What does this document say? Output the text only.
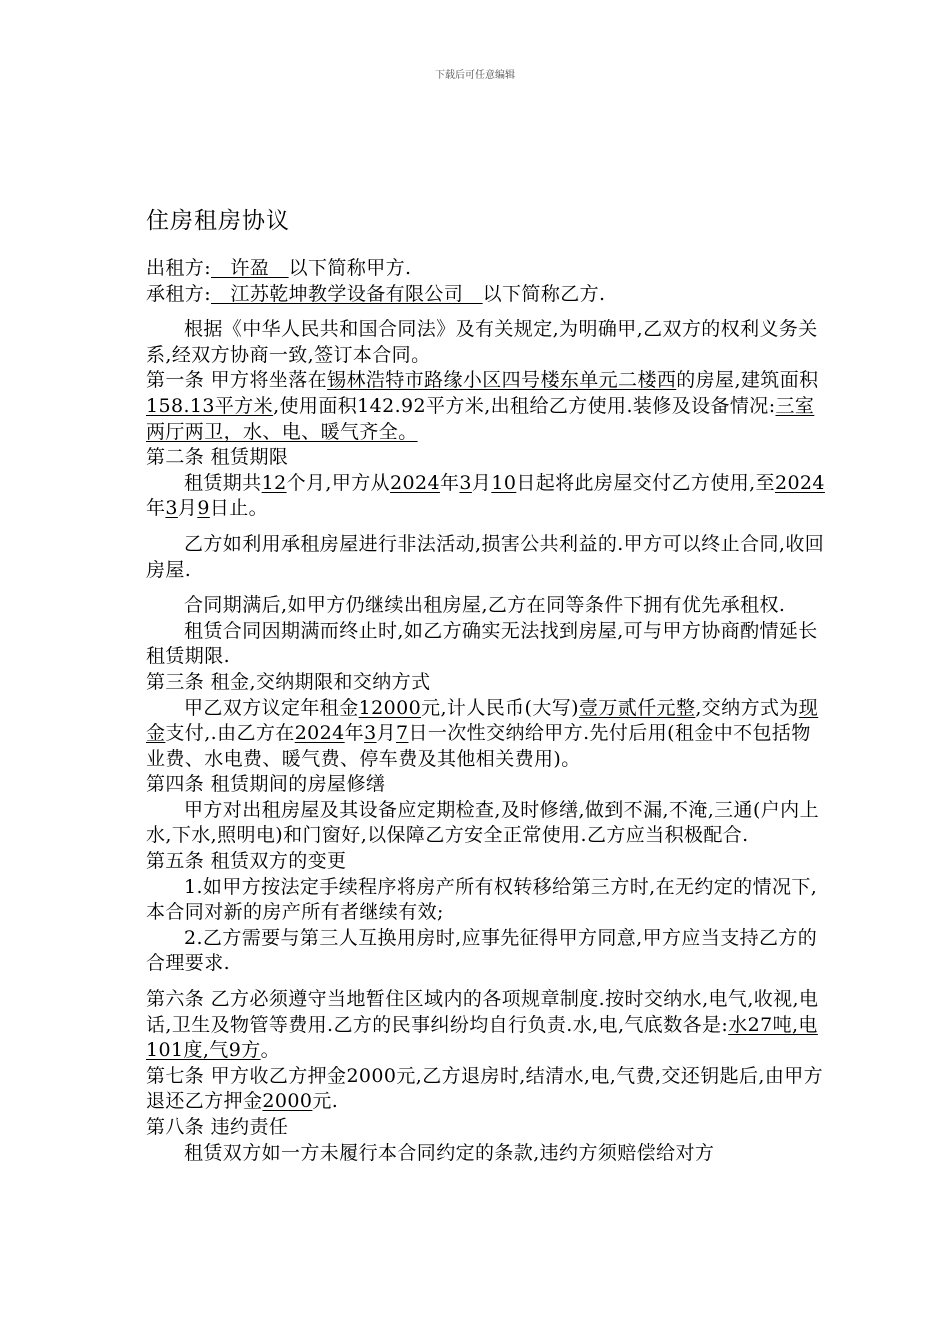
下载后可任意编辑
住房租房协议

出租方:　许盈　以下简称甲方.

承租方:　江苏乾坤教学设备有限公司　以下简称乙方.

根据《中华人民共和国合同法》及有关规定,为明确甲,乙双方的权利义务关系,经双方协商一致,签订本合同。

第一条 甲方将坐落在锡林浩特市路缘小区四号楼东单元二楼西的房屋,建筑面积158.13平方米,使用面积142.92平方米,出租给乙方使用.装修及设备情况:三室两厅两卫，水、电、暖气齐全。

第二条 租赁期限

租赁期共12个月,甲方从2024年3月10日起将此房屋交付乙方使用,至2024年3月9日止。

乙方如利用承租房屋进行非法活动,损害公共利益的.甲方可以终止合同,收回房屋.

合同期满后,如甲方仍继续出租房屋,乙方在同等条件下拥有优先承租权.

租赁合同因期满而终止时,如乙方确实无法找到房屋,可与甲方协商酌情延长租赁期限.

第三条 租金,交纳期限和交纳方式

甲乙双方议定年租金12000元,计人民币(大写)壹万贰仟元整,交纳方式为现金支付,.由乙方在2024年3月7日一次性交纳给甲方.先付后用(租金中不包括物业费、水电费、暖气费、停车费及其他相关费用)。

第四条 租赁期间的房屋修缮

甲方对出租房屋及其设备应定期检查,及时修缮,做到不漏,不淹,三通(户内上水,下水,照明电)和门窗好,以保障乙方安全正常使用.乙方应当积极配合.

第五条 租赁双方的变更

1.如甲方按法定手续程序将房产所有权转移给第三方时,在无约定的情况下,本合同对新的房产所有者继续有效;

2.乙方需要与第三人互换用房时,应事先征得甲方同意,甲方应当支持乙方的合理要求.

第六条 乙方必须遵守当地暂住区域内的各项规章制度.按时交纳水,电气,收视,电话,卫生及物管等费用.乙方的民事纠纷均自行负责.水,电,气底数各是:水27吨,电101度,气9方。

第七条 甲方收乙方押金2000元,乙方退房时,结清水,电,气费,交还钥匙后,由甲方退还乙方押金2000元.

第八条 违约责任

租赁双方如一方未履行本合同约定的条款,违约方须赔偿给对方
